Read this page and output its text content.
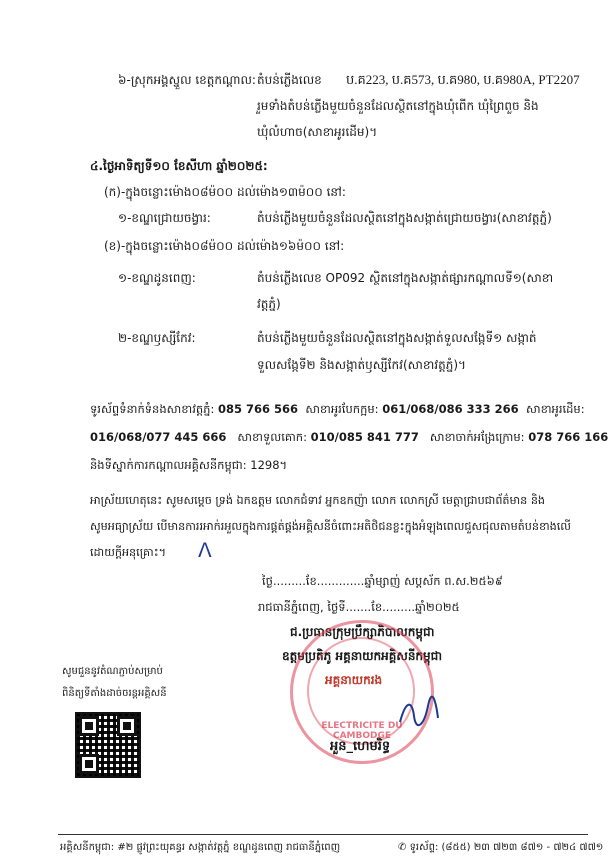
៦-ស្រុកអង្គស្នួល ខេត្តកណ្តាល: តំបន់ភ្លើងលេខ ប.គ223, ប.គ573, ប.គ980, ប.គ980A, PT2207
រួមទាំងតំបន់ភ្លើងមួយចំនួនដែលស្ថិតនៅក្នុងឃុំពើក ឃុំព្រៃពួច និង
ឃុំលំហាច(សាខាអូរដើម)។
៤.ថ្ងៃអាទិត្យទី១០ ខែសីហា ឆ្នាំ២០២៥:
(ក)-ក្នុងចន្លោះម៉ោង០៨ម៉០០ ដល់ម៉ោង១៣ម៉០០ នៅ:
១-ខណ្ឌជ្រោយចង្វារ:	តំបន់ភ្លើងមួយចំនួនដែលស្ថិតនៅក្នុងសង្កាត់ជ្រោយចង្វារ(សាខាវត្តភ្នំ)
(ខ)-ក្នុងចន្លោះម៉ោង០៨ម៉០០ ដល់ម៉ោង១៦ម៉០០ នៅ:
១-ខណ្ឌដូនពេញ:	តំបន់ភ្លើងលេខ OP092 ស្ថិតនៅក្នុងសង្កាត់ផ្សារកណ្តាលទី១(សាខា
វត្តភ្នំ)
២-ខណ្ឌឫស្សីកែវ:	តំបន់ភ្លើងមួយចំនួនដែលស្ថិតនៅក្នុងសង្កាត់ទួលសង្កែទី១ សង្កាត់
ទួលសង្កែទី២ និងសង្កាត់ឫស្សីកែវ(សាខាវត្តភ្នំ)។
ទូរស័ព្ទទំនាក់ទំនងសាខាវត្តភ្នំ: 085 766 566 សាខាអូរបែកក្អម: 061/068/086 333 266 សាខាអូរដើម:
016/068/077 445 666 សាខាទួលគោក: 010/085 841 777 សាខាចាក់អង្រែក្រោម: 078 766 166
និងទីស្នាក់ការកណ្តាលអគ្គិសនីកម្ពុជា: 1298។
អាស្រ័យហេតុនេះ សូមសម្តេច ទ្រង់ ឯកឧត្តម លោកជំទាវ អ្នកឧកញ៉ា លោក លោកស្រី មេត្តាជ្រាបជាព័ត៌មាន និង
សូមអធ្យាស្រ័យ បើមានការរអាក់រអួលក្នុងការផ្គត់ផ្គង់អគ្គិសនីចំពោះអតិថិជនខ្លះក្នុងអំឡុងពេលជួសជុលតាមតំបន់ខាងលើ
ដោយក្តីអនុគ្រោះ។ ⴷ
ថ្ងៃ.........ខែ.............ឆ្នាំម្សាញ់ សប្តស័ក ព.ស.២៥៦៩
រាជធានីភ្នំពេញ, ថ្ងៃទី.......ខែ.........ឆ្នាំ២០២៥
ជ.ប្រធានក្រុមប្រឹក្សាភិបាលកម្ពុជា
ឧត្តមប្រតិភូ អគ្គនាយកអគ្គិសនីកម្ពុជា
អគ្គនាយករង
ELECTRICITE DU CAMBODGE
អួន_ហេមរិទ្ធ
សូមជួននូវតំណភ្ជាប់សម្រាប់
ពិនិត្យទីតាំងដាច់ចរន្តអគ្គិសនី
អគ្គិសនីកម្ពុជា: #២ ផ្លូវព្រះយុគន្ធរ សង្កាត់វត្តភ្នំ ខណ្ឌដូនពេញ រាជធានីភ្នំពេញ	✆ ទូរស័ព្ទ: (៨៥៥) ២៣ ៧២៣ ៨៧១ - ៧២៤ ៧៧១
